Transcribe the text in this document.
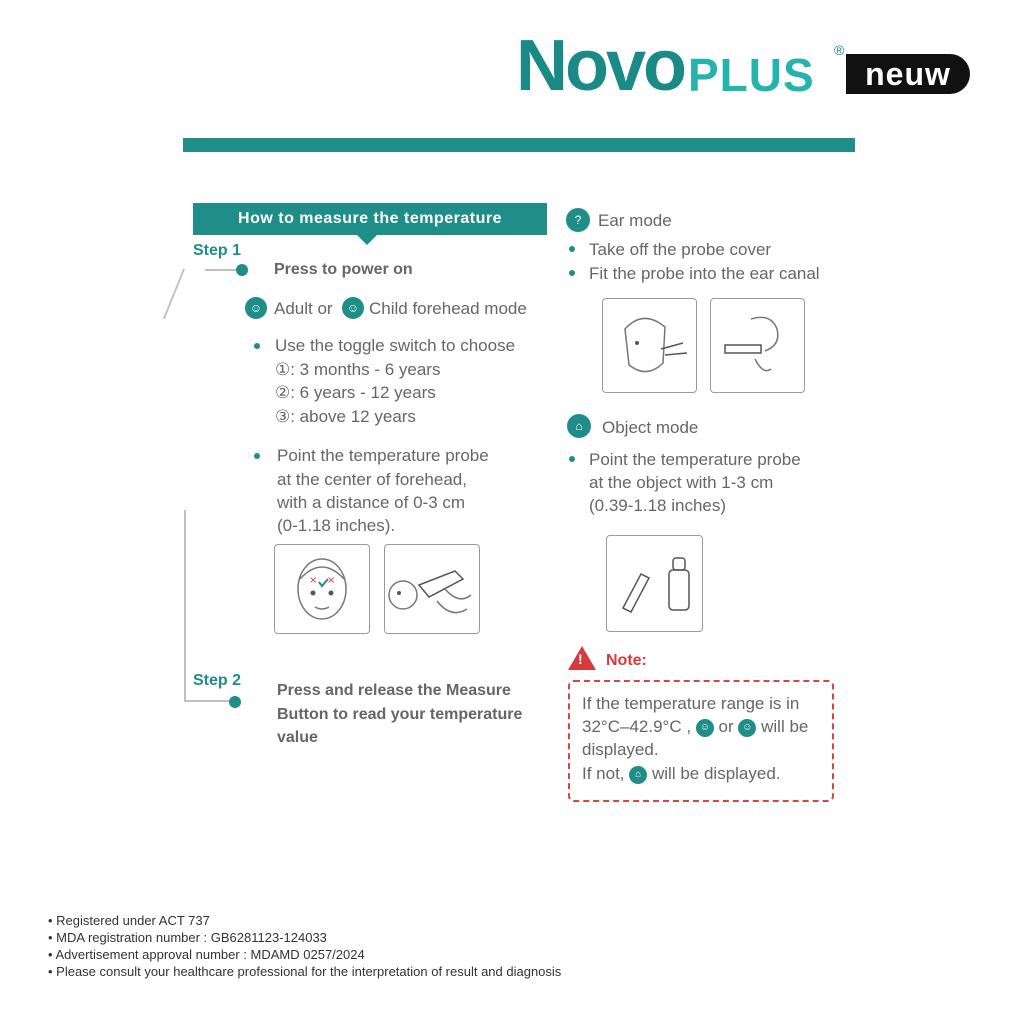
Novo PLUS ®
neuw
How to measure the temperature
Step 1
Press to power on
☺ Adult or	☺ Child forehead mode
Use the toggle switch to choose
①: 3 months - 6 years
②: 6 years - 12 years
③: above 12 years
Point the temperature probe
at the center of forehead,
with a distance of 0-3 cm
(0-1.18 inches).
× ×
Step 2
Press and release the Measure
Button to read your temperature
value
? Ear mode
Take off the probe cover
Fit the probe into the ear canal
⌂	Object mode
Point the temperature probe
at the object with 1-3 cm
(0.39-1.18 inches)
! Note:
If the temperature range is in
32°C–42.9°C , ☺ or ☺ will be
displayed.
If not, ⌂ will be displayed.
• Registered under ACT 737
• MDA registration number : GB6281123-124033
• Advertisement approval number : MDAMD 0257/2024
• Please consult your healthcare professional for the interpretation of result and diagnosis
